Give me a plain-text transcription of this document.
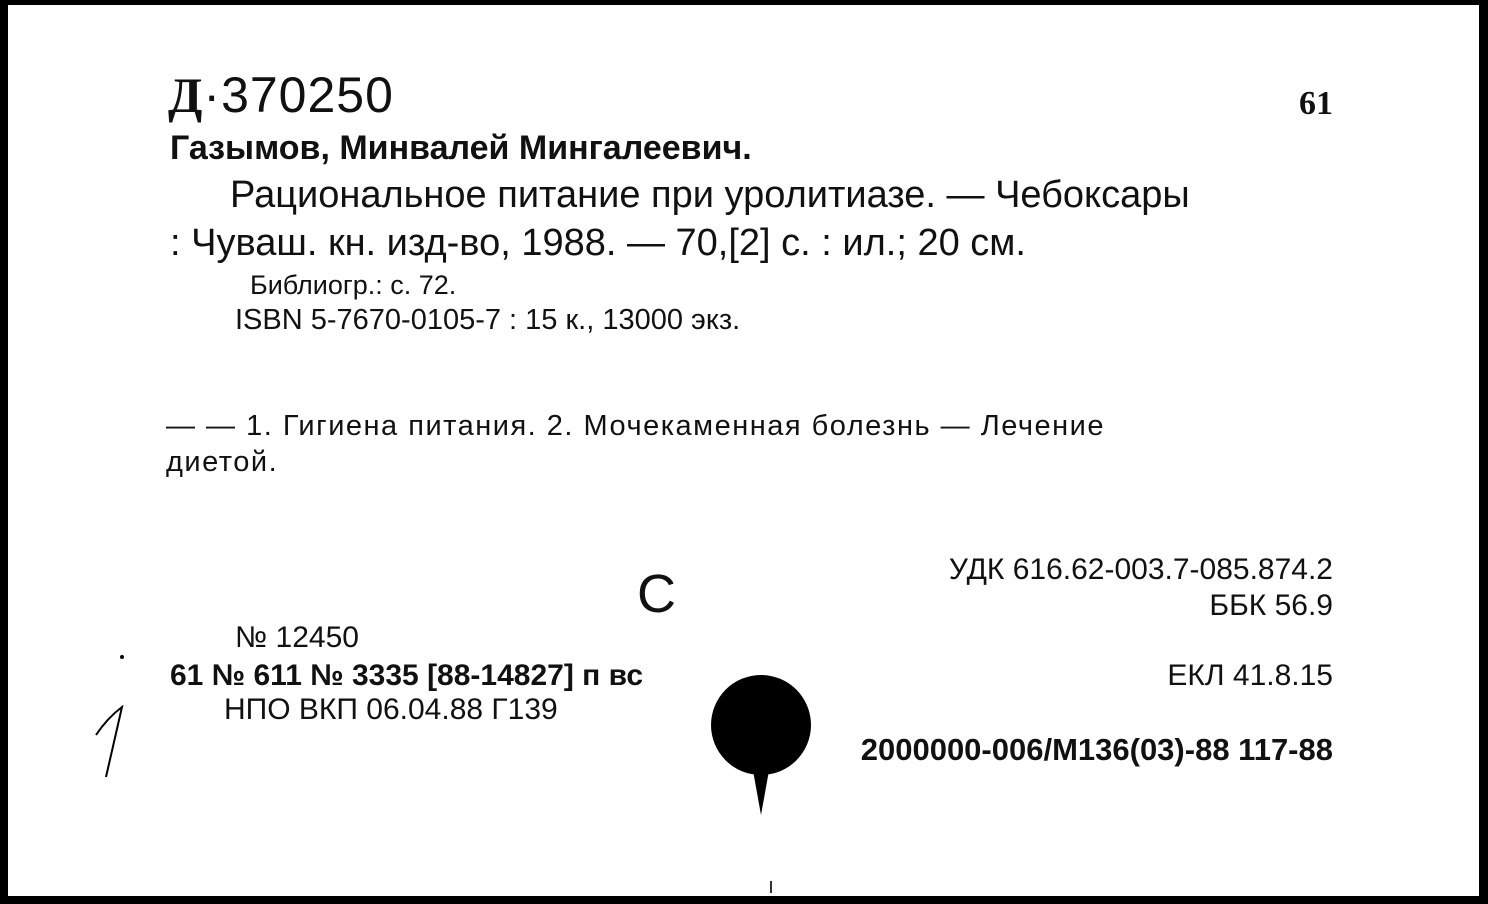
Д·370250	61
Газымов, Минвалей Мингалеевич.
Рациональное питание при уролитиазе. — Чебоксары
: Чуваш. кн. изд-во, 1988. — 70,[2] с. : ил.; 20 см.
Библиогр.: с. 72.
ISBN 5-7670-0105-7 : 15 к., 13000 экз.
— — 1. Гигиена питания. 2. Мочекаменная болезнь — Лечение
диетой.
С	УДК 616.62-003.7-085.874.2
ББК 56.9
ЕКЛ 41.8.15
2000000-006/М136(03)-88 117-88
№ 12450
61 № 611 № 3335 [88-14827] п вс
НПО ВКП 06.04.88 Г139
